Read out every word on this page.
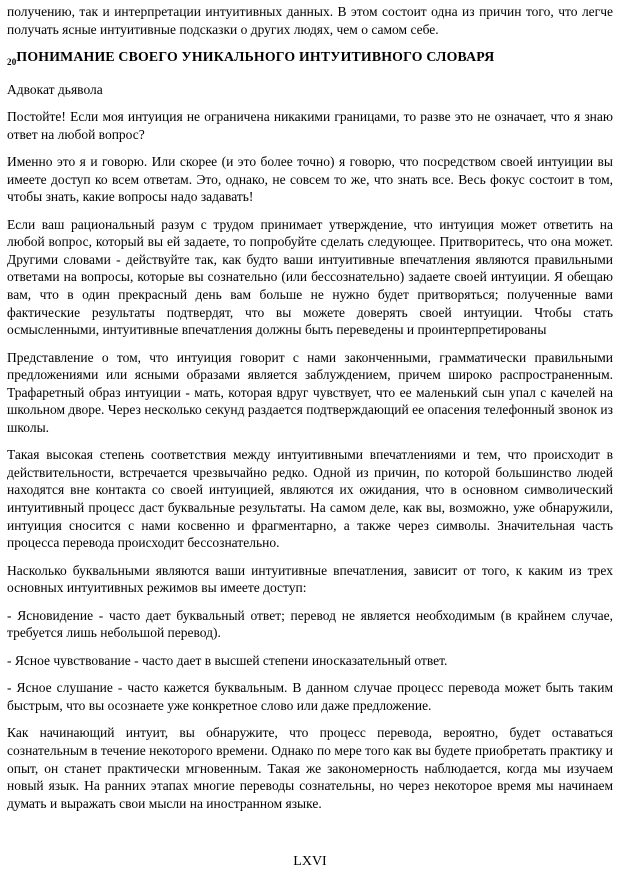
получению, так и интерпретации интуитивных данных. В этом состоит одна из причин того, что легче получать ясные интуитивные подсказки о других людях, чем о самом себе.

$_{20}$ПОНИМАНИЕ СВОЕГО УНИКАЛЬНОГО ИНТУИТИВНОГО СЛОВАРЯ

Адвокат дьявола

Постойте! Если моя интуиция не ограничена никакими границами, то разве это не означает, что я знаю ответ на любой вопрос?

Именно это я и говорю. Или скорее (и это более точно) я говорю, что посредством своей интуиции вы имеете доступ ко всем ответам. Это, однако, не совсем то же, что знать все. Весь фокус состоит в том, чтобы знать, какие вопросы надо задавать!

Если ваш рациональный разум с трудом принимает утверждение, что интуиция может ответить на любой вопрос, который вы ей задаете, то попробуйте сделать следующее. Притворитесь, что она может. Другими словами - действуйте так, как будто ваши интуитивные впечатления являются правильными ответами на вопросы, которые вы сознательно (или бессознательно) задаете своей интуиции. Я обещаю вам, что в один прекрасный день вам больше не нужно будет притворяться; полученные вами фактические результаты подтвердят, что вы можете доверять своей интуиции. Чтобы стать осмысленными, интуитивные впечатления должны быть переведены и проинтерпретированы

Представление о том, что интуиция говорит с нами законченными, грамматически правильными предложениями или ясными образами является заблуждением, причем широко распространенным. Трафаретный образ интуиции - мать, которая вдруг чувствует, что ее маленький сын упал с качелей на школьном дворе. Через несколько секунд раздается подтверждающий ее опасения телефонный звонок из школы.

Такая высокая степень соответствия между интуитивными впечатлениями и тем, что происходит в действительности, встречается чрезвычайно редко. Одной из причин, по которой большинство людей находятся вне контакта со своей интуицией, являются их ожидания, что в основном символический интуитивный процесс даст буквальные результаты. На самом деле, как вы, возможно, уже обнаружили, интуиция сносится с нами косвенно и фрагментарно, а также через символы. Значительная часть процесса перевода происходит бессознательно.

Насколько буквальными являются ваши интуитивные впечатления, зависит от того, к каким из трех основных интуитивных режимов вы имеете доступ:

- Ясновидение - часто дает буквальный ответ; перевод не является необходимым (в крайнем случае, требуется лишь небольшой перевод).

- Ясное чувствование - часто дает в высшей степени иносказательный ответ.

- Ясное слушание - часто кажется буквальным. В данном случае процесс перевода может быть таким быстрым, что вы осознаете уже конкретное слово или даже предложение.

Как начинающий интуит, вы обнаружите, что процесс перевода, вероятно, будет оставаться сознательным в течение некоторого времени. Однако по мере того как вы будете приобретать практику и опыт, он станет практически мгновенным. Такая же закономерность наблюдается, когда мы изучаем новый язык. На ранних этапах многие переводы сознательны, но через некоторое время мы начинаем думать и выражать свои мысли на иностранном языке.

LXVI
